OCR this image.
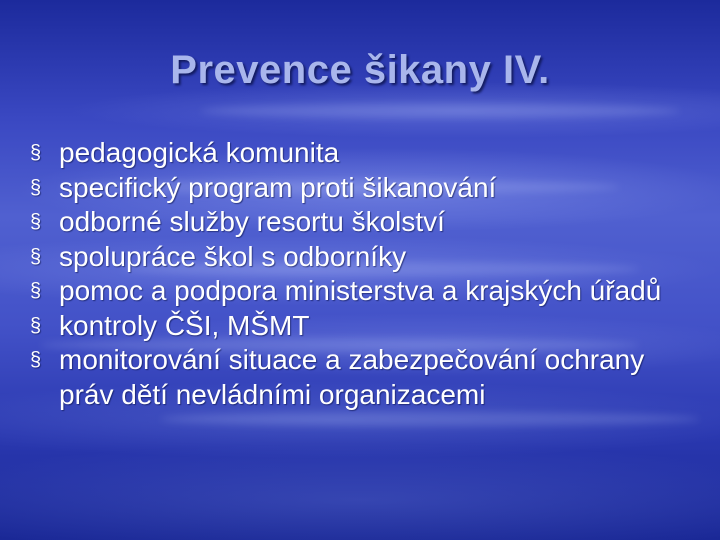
Prevence šikany IV.
§ pedagogická komunita
§ specifický program proti šikanování
§ odborné služby resortu školství
§ spolupráce škol s odborníky
§ pomoc a podpora ministerstva a krajských úřadů
§ kontroly ČŠI, MŠMT
§ monitorování situace a zabezpečování ochrany práv dětí nevládními organizacemi
